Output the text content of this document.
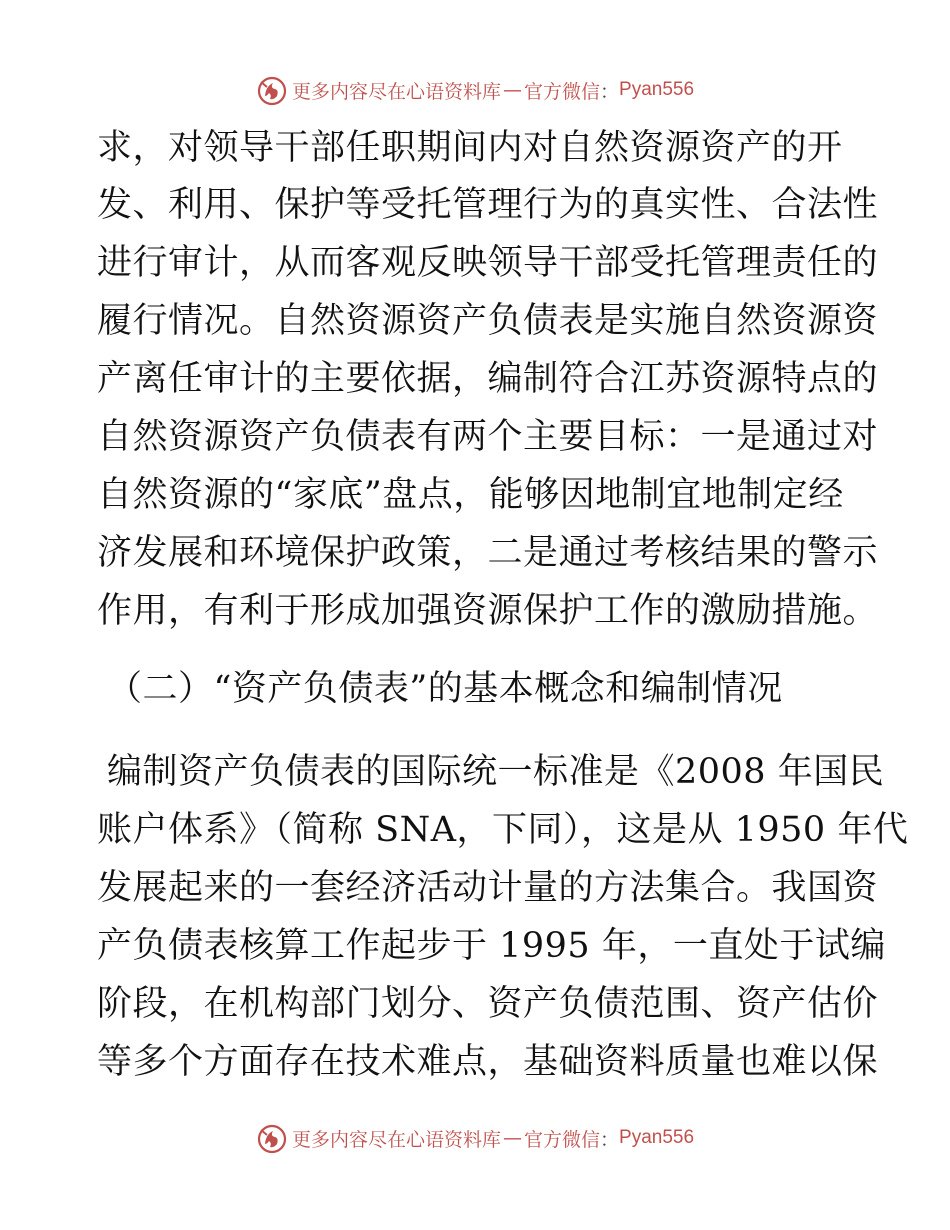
更多内容尽在心语资料库 — 官方微信 ： Pyan556
求，对领导干部任职期间内对自然资源资产的开
发、利用、保护等受托管理行为的真实性、合法性
进行审计，从而客观反映领导干部受托管理责任的
履行情况。自然资源资产负债表是实施自然资源资
产离任审计的主要依据，编制符合江苏资源特点的
自然资源资产负债表有两个主要目标：一是通过对
自然资源的“家底”盘点，能够因地制宜地制定经
济发展和环境保护政策，二是通过考核结果的警示
作用，有利于形成加强资源保护工作的激励措施。
（二）“资产负债表”的基本概念和编制情况
编制资产负债表的国际统一标准是《2008 年国民
账户体系》（简称 SNA，下同），这是从 1950 年代
发展起来的一套经济活动计量的方法集合。我国资
产负债表核算工作起步于 1995 年，一直处于试编
阶段，在机构部门划分、资产负债范围、资产估价
等多个方面存在技术难点，基础资料质量也难以保
更多内容尽在心语资料库 — 官方微信 ： Pyan556
